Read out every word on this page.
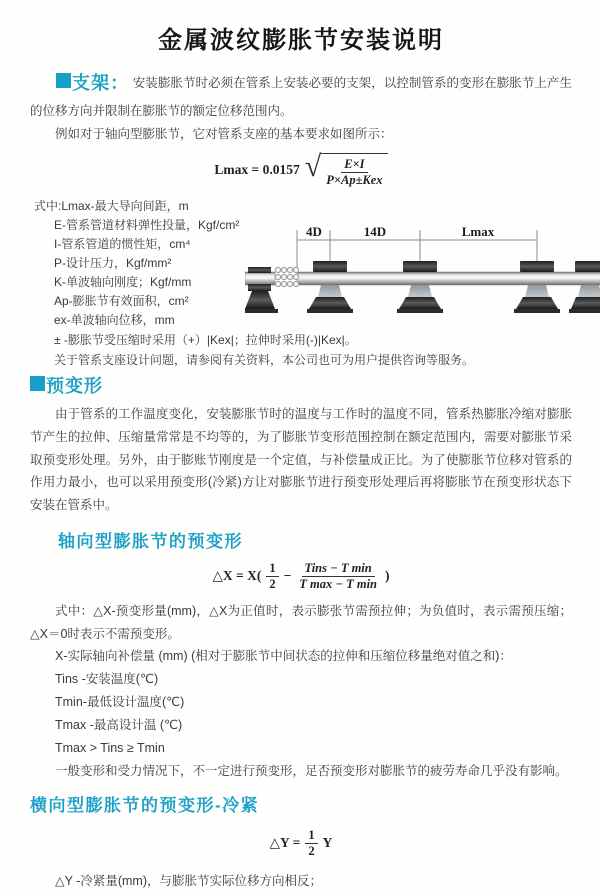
金属波纹膨胀节安装说明

支架： 安装膨胀节时必须在管系上安装必要的支架，以控制管系的变形在膨胀节上产生的位移方向并限制在膨胀节的额定位移范围内。

例如对于轴向型膨胀节，它对管系支座的基本要求如图所示：

Lmax = 0.0157 √ $\frac{E\times I}{\text{P×Ap±Kex}}$
式中:Lmax-最大导向间距，m
E-管系管道材料弹性投量，Kgf/cm²
I-管系管道的惯性矩，cm⁴
P-设计压力，Kgf/mm²
K-单波轴向刚度；Kgf/mm
Ap-膨胀节有效面积，cm²
ex-单波轴向位移，mm
± -膨胀节受压缩时采用（+）|Kex|；拉伸时采用(-)|Kex|。
关于管系支座设计问题，请参阅有关资料，本公司也可为用户提供咨询等服务。
4D	14D	Lmax

预变形

由于管系的工作温度变化，安装膨胀节时的温度与工作时的温度不同，管系热膨胀冷缩对膨胀节产生的拉伸、压缩量常常是不均等的，为了膨胀节变形范围控制在额定范围内，需要对膨胀节采取预变形处理。另外，由于膨账节刚度是一个定值，与补偿量成正比。为了使膨胀节位移对管系的作用力最小，也可以采用预变形(冷紧)方让对膨胀节进行预变形处理后再将膨胀节在预变形状态下安装在管系中。

轴向型膨胀节的预变形
△X = $X( \frac{1}{2} - \frac{\text{Tins − T min}}{\text{T max − T min}}$ )

式中：△X-预变形量(mm)，△X为正值时，表示膨张节需预拉伸；为负值时，表示需预压缩；△X＝0时表示不需预变形。

X-实际轴向补偿量 (mm) (相对于膨胀节中间状态的拉伸和压缩位移量绝对值之和)：
Tins -安装温度(℃)
Tmin-最低设计温度(℃)
Tmax -最高设计温 (℃)
Tmax > Tins ≥ Tmin
一般变形和受力情况下，不一定进行预变形，足否预变形对膨胀节的疲劳寿命几乎没有影响。
横向型膨胀节的预变形-冷紧
△Y = $\frac{1}{2}$ Y
△Y -冷紧量(mm)，与膨胀节实际位移方向相反；
